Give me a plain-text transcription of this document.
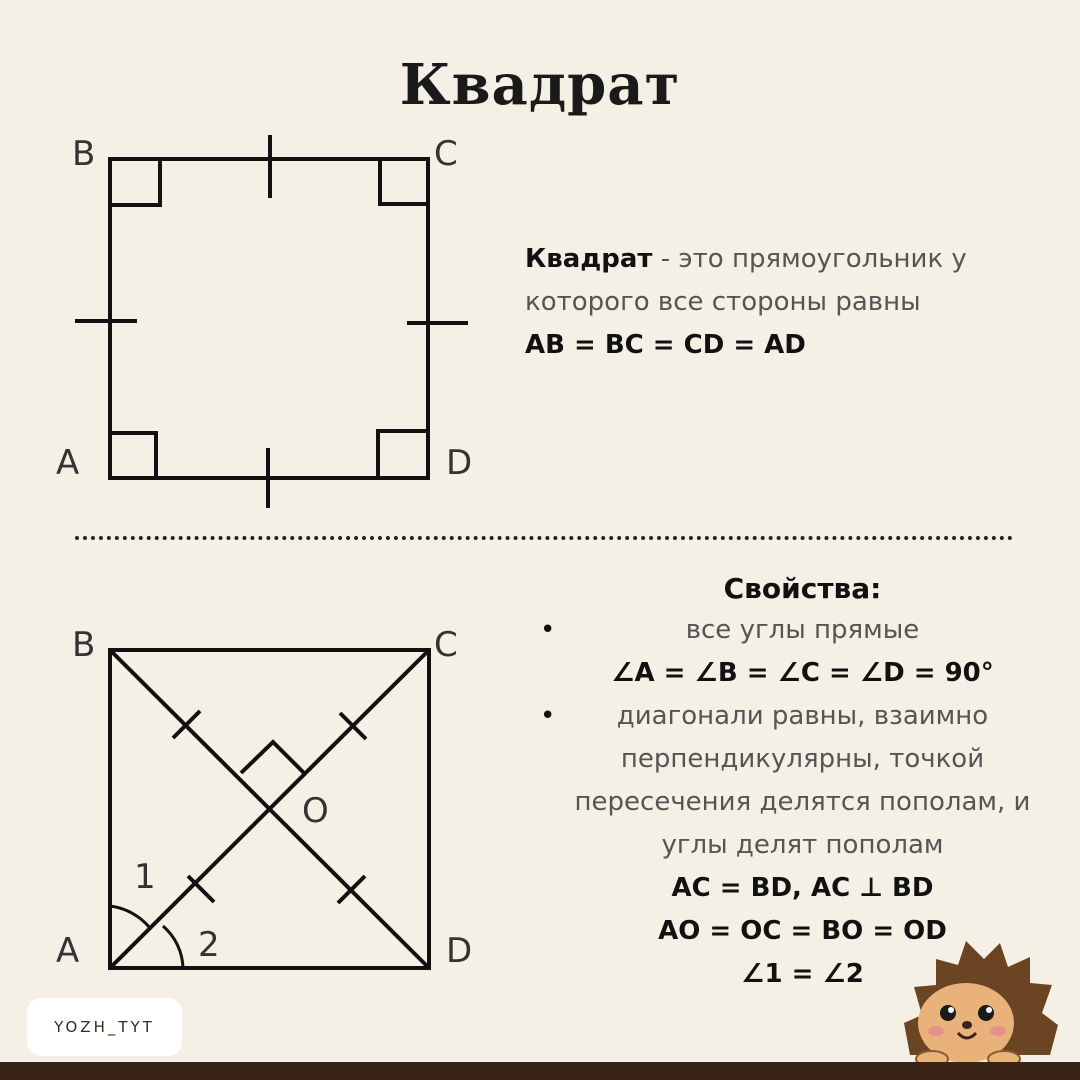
Квадрат
B	C
A	D
B	C
A	D
O
1
2
Квадрат - это прямоугольник у которого все стороны равны
AB = BC = CD = AD
Свойства:
•	все углы прямые
∠A = ∠B = ∠C = ∠D = 90°
• диагонали равны, взаимно
перпендикулярны, точкой
пересечения делятся пополам, и
углы делят пополам
AC = BD, AC ⊥ BD
AO = OC = BO = OD
∠1 = ∠2
YOZH_TYT
